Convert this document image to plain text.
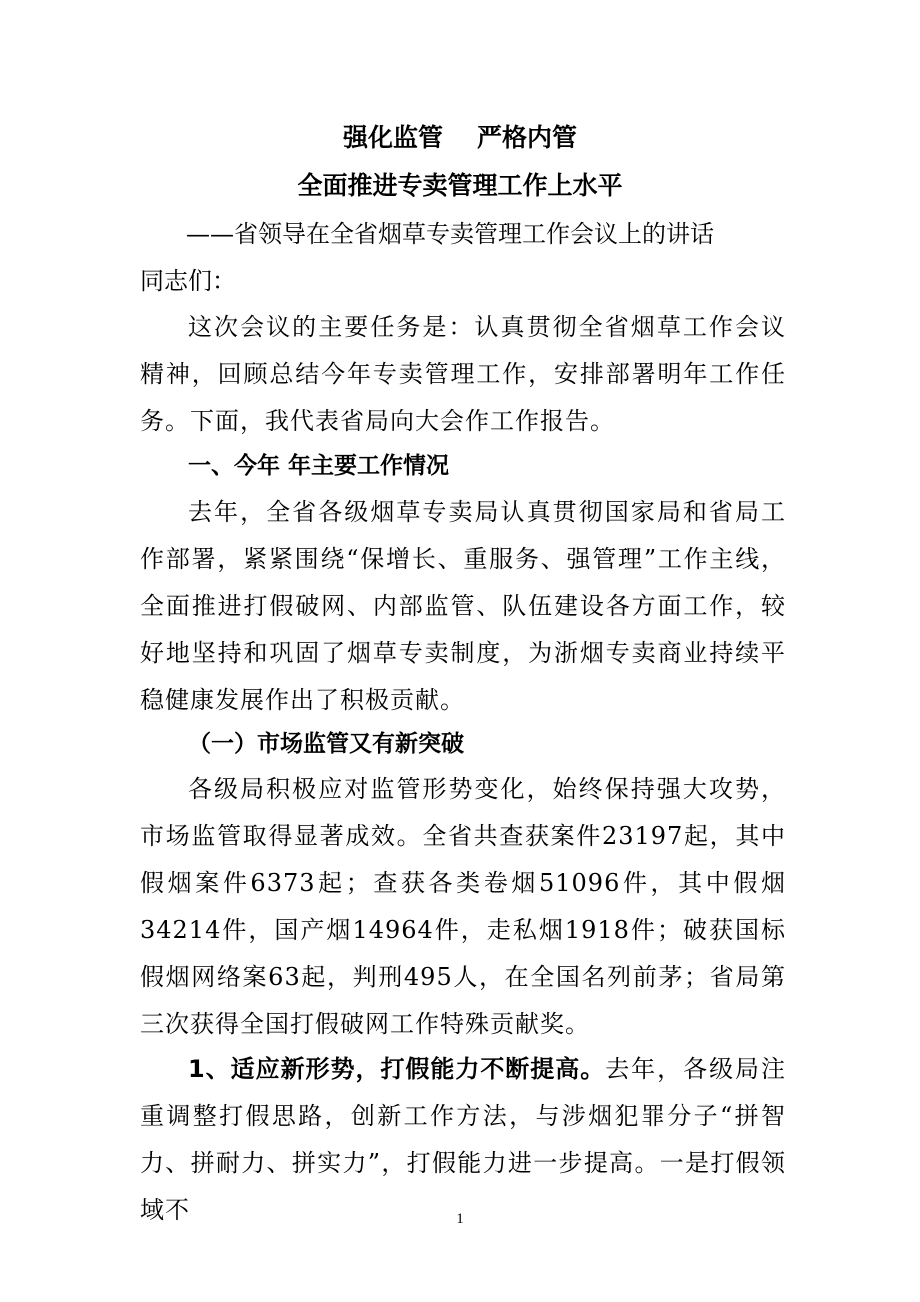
强化监管 严格内管
全面推进专卖管理工作上水平
——省领导在全省烟草专卖管理工作会议上的讲话
同志们：

这次会议的主要任务是：认真贯彻全省烟草工作会议精神，回顾总结今年专卖管理工作，安排部署明年工作任务。下面，我代表省局向大会作工作报告。

一、今年 年主要工作情况

去年，全省各级烟草专卖局认真贯彻国家局和省局工作部署，紧紧围绕“保增长、重服务、强管理”工作主线，全面推进打假破网、内部监管、队伍建设各方面工作，较好地坚持和巩固了烟草专卖制度，为浙烟专卖商业持续平稳健康发展作出了积极贡献。

（一）市场监管又有新突破

各级局积极应对监管形势变化，始终保持强大攻势，市场监管取得显著成效。全省共查获案件23197起，其中假烟案件6373起；查获各类卷烟51096件，其中假烟34214件，国产烟14964件，走私烟1918件；破获国标假烟网络案63起，判刑495人，在全国名列前茅；省局第三次获得全国打假破网工作特殊贡献奖。

1、适应新形势，打假能力不断提高。去年，各级局注重调整打假思路，创新工作方法，与涉烟犯罪分子“拼智力、拼耐力、拼实力”，打假能力进一步提高。一是打假领域不	1
